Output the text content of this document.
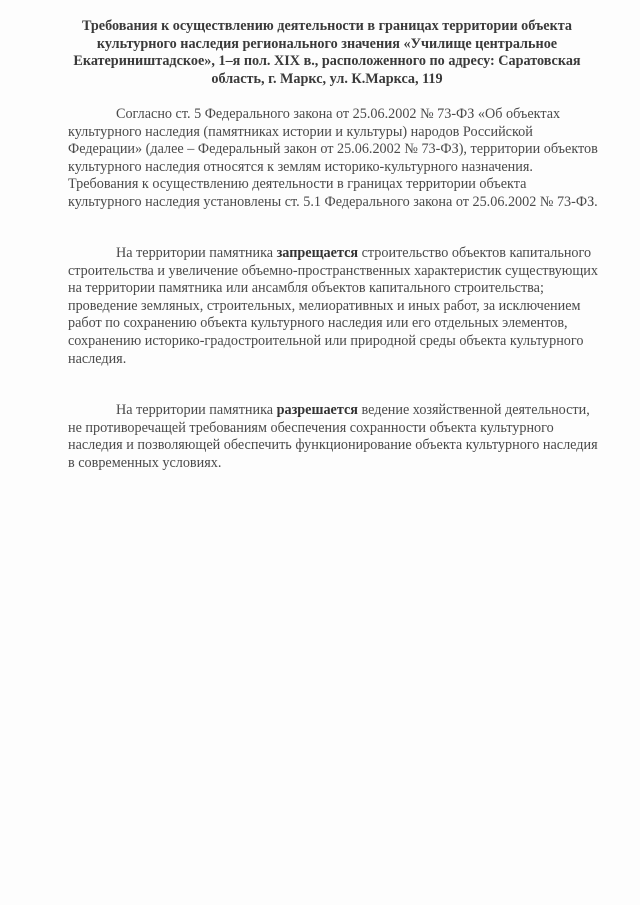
Требования к осуществлению деятельности в границах территории объекта культурного наследия регионального значения «Училище центральное Екатериништадское», 1–я пол. XIX в., расположенного по адресу: Саратовская область, г. Маркс, ул. К.Маркса, 119

Согласно ст. 5 Федерального закона от 25.06.2002 № 73-ФЗ «Об объектах культурного наследия (памятниках истории и культуры) народов Российской Федерации» (далее – Федеральный закон от 25.06.2002 № 73-ФЗ), территории объектов культурного наследия относятся к землям историко-культурного назначения. Требования к осуществлению деятельности в границах территории объекта культурного наследия установлены ст. 5.1 Федерального закона от 25.06.2002 № 73-ФЗ.

На территории памятника запрещается строительство объектов капитального строительства и увеличение объемно-пространственных характеристик существующих на территории памятника или ансамбля объектов капитального строительства; проведение земляных, строительных, мелиоративных и иных работ, за исключением работ по сохранению объекта культурного наследия или его отдельных элементов, сохранению историко-градостроительной или природной среды объекта культурного наследия.

На территории памятника разрешается ведение хозяйственной деятельности, не противоречащей требованиям обеспечения сохранности объекта культурного наследия и позволяющей обеспечить функционирование объекта культурного наследия в современных условиях.
